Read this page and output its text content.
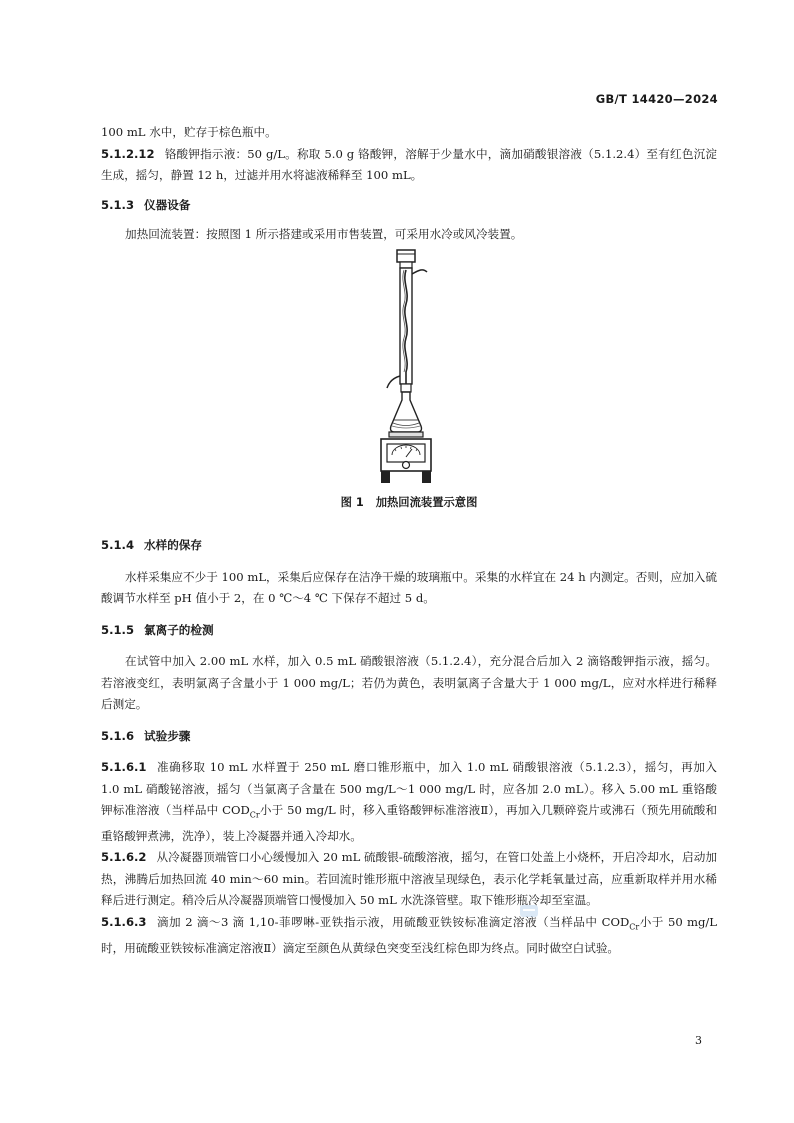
GB/T 14420—2024

100 mL 水中，贮存于棕色瓶中。

5.1.2.12 铬酸钾指示液：50 g/L。称取 5.0 g 铬酸钾，溶解于少量水中，滴加硝酸银溶液（5.1.2.4）至有红色沉淀生成，摇匀，静置 12 h，过滤并用水将滤液稀释至 100 mL。

5.1.3 仪器设备

加热回流装置：按照图 1 所示搭建或采用市售装置，可采用水冷或风冷装置。

图 1 加热回流装置示意图

5.1.4 水样的保存

水样采集应不少于 100 mL，采集后应保存在洁净干燥的玻璃瓶中。采集的水样宜在 24 h 内测定。否则，应加入硫酸调节水样至 pH 值小于 2，在 0 ℃～4 ℃ 下保存不超过 5 d。

5.1.5 氯离子的检测

在试管中加入 2.00 mL 水样，加入 0.5 mL 硝酸银溶液（5.1.2.4），充分混合后加入 2 滴铬酸钾指示液，摇匀。若溶液变红，表明氯离子含量小于 1 000 mg/L；若仍为黄色，表明氯离子含量大于 1 000 mg/L，应对水样进行稀释后测定。

5.1.6 试验步骤

5.1.6.1 准确移取 10 mL 水样置于 250 mL 磨口锥形瓶中，加入 1.0 mL 硝酸银溶液（5.1.2.3），摇匀，再加入 1.0 mL 硝酸铋溶液，摇匀（当氯离子含量在 500 mg/L～1 000 mg/L 时，应各加 2.0 mL）。移入 5.00 mL 重铬酸钾标准溶液（当样品中 $COD_{Cr}$小于 50 mg/L 时，移入重铬酸钾标准溶液Ⅱ），再加入几颗碎瓷片或沸石（预先用硫酸和重铬酸钾煮沸，洗净），装上冷凝器并通入冷却水。

5.1.6.2 从冷凝器顶端管口小心缓慢加入 20 mL 硫酸银-硫酸溶液，摇匀，在管口处盖上小烧杯，开启冷却水，启动加热，沸腾后加热回流 40 min～60 min。若回流时锥形瓶中溶液呈现绿色，表示化学耗氧量过高，应重新取样并用水稀释后进行测定。稍冷后从冷凝器顶端管口慢慢加入 50 mL 水洗涤管壁。取下锥形瓶冷却至室温。

5.1.6.3 滴加 2 滴～3 滴 1,10-菲啰啉-亚铁指示液，用硫酸亚铁铵标准滴定溶液（当样品中 $COD_{Cr}$小于 50 mg/L 时，用硫酸亚铁铵标准滴定溶液Ⅱ）滴定至颜色从黄绿色突变至浅红棕色即为终点。同时做空白试验。

3
